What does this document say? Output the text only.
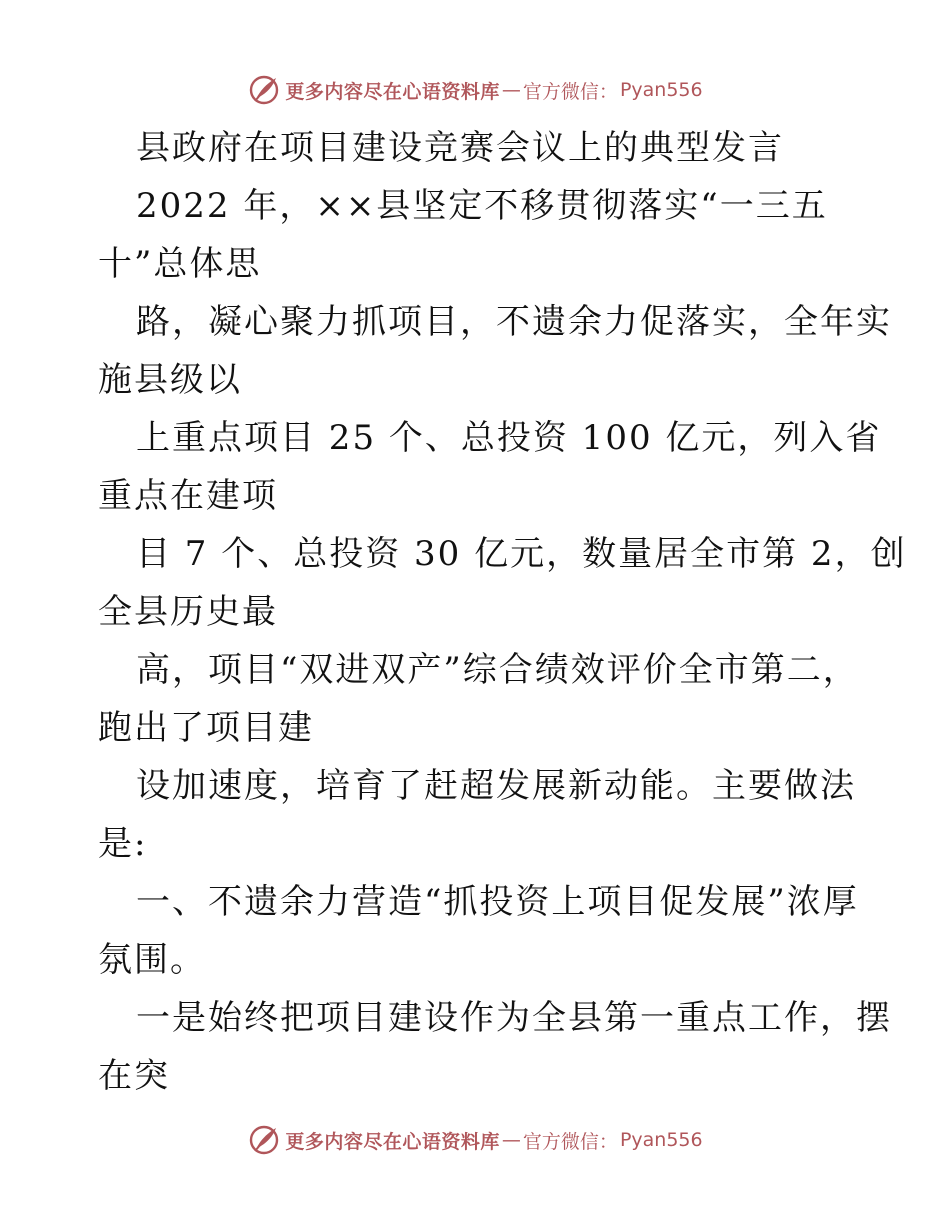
更多内容尽在心语资料库 — 官方微信： Pyan556
县政府在项目建设竞赛会议上的典型发言
2022 年，××县坚定不移贯彻落实“一三五
十”总体思
路，凝心聚力抓项目，不遗余力促落实，全年实
施县级以
上重点项目 25 个、总投资 100 亿元，列入省
重点在建项
目 7 个、总投资 30 亿元，数量居全市第 2，创
全县历史最
高，项目“双进双产”综合绩效评价全市第二，
跑出了项目建
设加速度，培育了赶超发展新动能。主要做法
是:
一、不遗余力营造“抓投资上项目促发展”浓厚
氛围。
一是始终把项目建设作为全县第一重点工作，摆
在突
更多内容尽在心语资料库 — 官方微信： Pyan556
